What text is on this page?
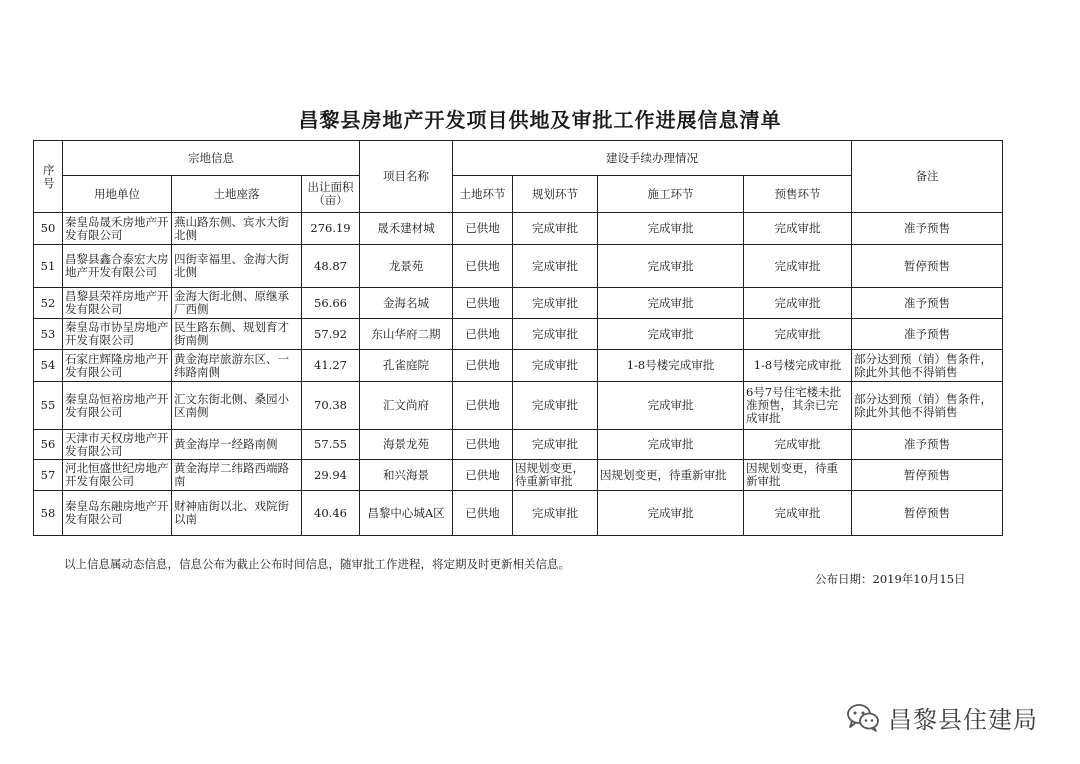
昌黎县房地产开发项目供地及审批工作进展信息清单
序号	宗地信息			项目名称	建设手续办理情况				备注
	用地单位	土地座落	出让面积（亩）		土地环节	规划环节	施工环节	预售环节	
50	秦皇岛晟禾房地产开发有限公司	燕山路东侧、宾水大街北侧	276.19	晟禾建材城	已供地	完成审批	完成审批	完成审批	准予预售
51	昌黎县鑫合泰宏大房地产开发有限公司	四街幸福里、金海大街北侧	48.87	龙景苑	已供地	完成审批	完成审批	完成审批	暂停预售
52	昌黎县荣祥房地产开发有限公司	金海大街北侧、原继承厂西侧	56.66	金海名城	已供地	完成审批	完成审批	完成审批	准予预售
53	秦皇岛市协呈房地产开发有限公司	民生路东侧、规划育才街南侧	57.92	东山华府二期	已供地	完成审批	完成审批	完成审批	准予预售
54	石家庄辉隆房地产开发有限公司	黄金海岸旅游东区、一纬路南侧	41.27	孔雀庭院	已供地	完成审批	1-8号楼完成审批	1-8号楼完成审批	部分达到预（销）售条件，除此外其他不得销售
55	秦皇岛恒裕房地产开发有限公司	汇文东街北侧、桑园小区南侧	70.38	汇文尚府	已供地	完成审批	完成审批	6号7号住宅楼未批准预售，其余已完成审批	部分达到预（销）售条件，除此外其他不得销售
56	天津市天权房地产开发有限公司	黄金海岸一经路南侧	57.55	海景龙苑	已供地	完成审批	完成审批	完成审批	准予预售
57	河北恒盛世纪房地产开发有限公司	黄金海岸二纬路西端路南	29.94	和兴海景	已供地	因规划变更，待重新审批	因规划变更，待重新审批	因规划变更，待重新审批	暂停预售
58	秦皇岛东融房地产开发有限公司	财神庙街以北、戏院街以南	40.46	昌黎中心城A区	已供地	完成审批	完成审批	完成审批	暂停预售
以上信息属动态信息，信息公布为截止公布时间信息，随审批工作进程，将定期及时更新相关信息。
公布日期：2019年10月15日
昌黎县住建局
